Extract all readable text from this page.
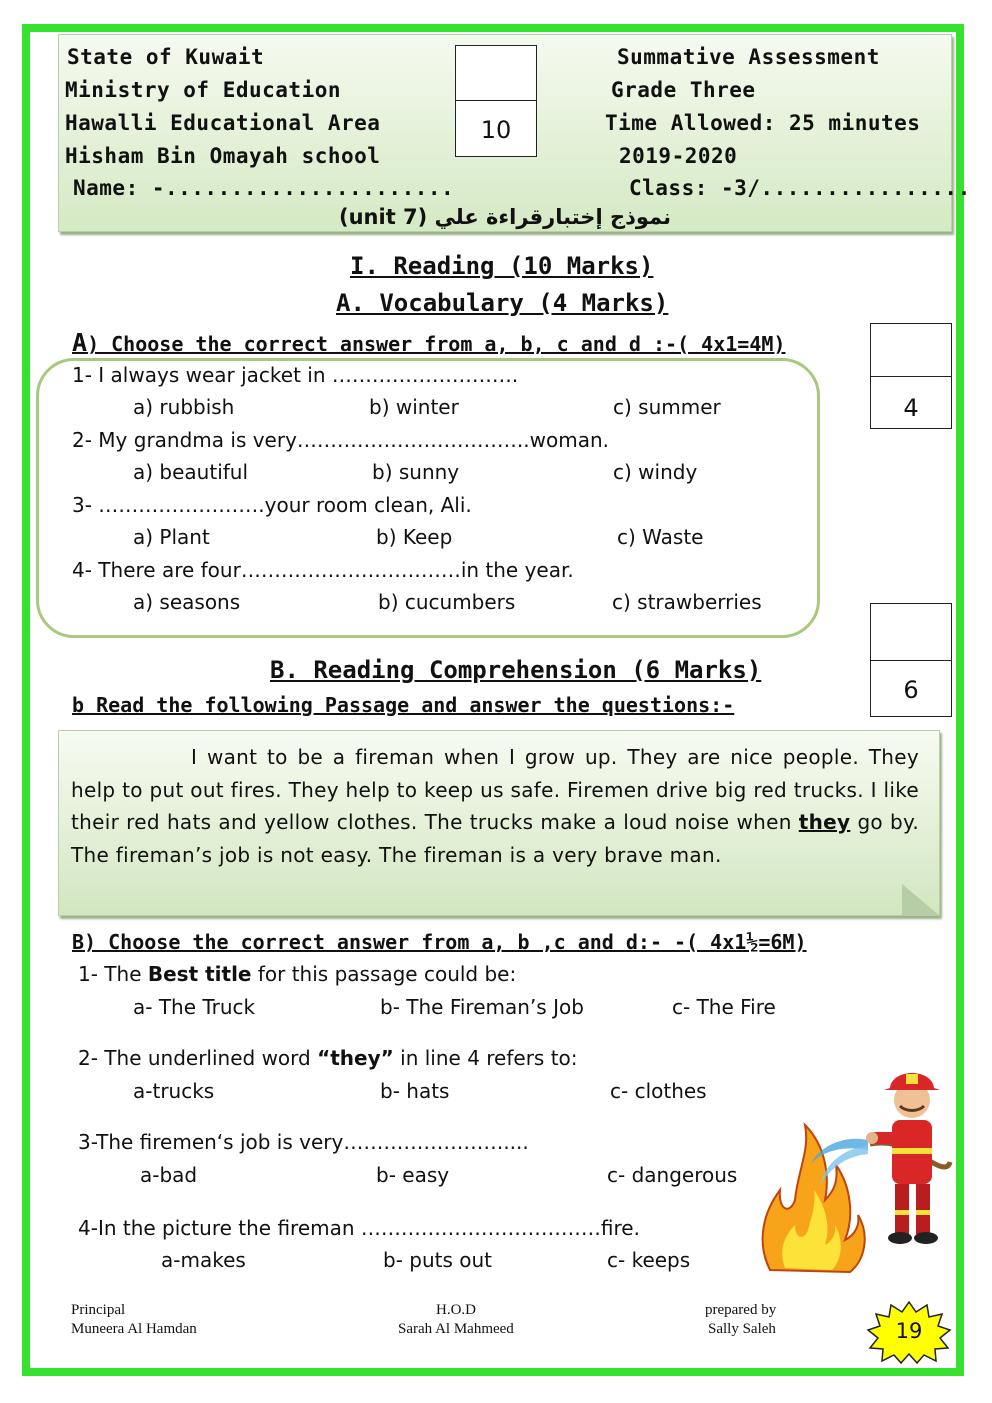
State of Kuwait
Ministry of Education
Hawalli Educational Area
Hisham Bin Omayah school
Summative Assessment
Grade Three
Time Allowed: 25 minutes
2019-2020
10
Name: -......................	Class: -3/................
نموذج إختبارقراءة علي (unit 7)
I. Reading (10 Marks)
A. Vocabulary (4 Marks)
A) Choose the correct answer from a, b, c and d :-( 4x1=4M)
4
1- I always wear jacket in ……………………….
a) rubbish	b) winter	c) summer
2- My grandma is very……………………………..woman.
a) beautiful	b) sunny	c) windy
3- …………………….your room clean, Ali.
a) Plant	b) Keep	c) Waste
4- There are four……………………………in the year.
a) seasons	b) cucumbers	c) strawberries
6
B. Reading Comprehension (6 Marks)
b Read the following Passage and answer the questions:-

I want to be a fireman when I grow up. They are nice people. They help to put out fires. They help to keep us safe. Firemen drive big red trucks. I like their red hats and yellow clothes. The trucks make a loud noise when they go by. The fireman’s job is not easy. The fireman is a very brave man.

B) Choose the correct answer from a, b ,c and d:- -( 4x1½=6M)
1- The Best title for this passage could be:
a- The Truck	b- The Fireman’s Job	c- The Fire
2- The underlined word “they” in line 4 refers to:
a-trucks	b- hats	c- clothes
3-The firemen‘s job is very……………………....
a-bad	b- easy	c- dangerous
4-In the picture the fireman ………………………………fire.
a-makes	b- puts out	c- keeps
Principal
Muneera Al Hamdan
H.O.D
Sarah Al Mahmeed
prepared by
Sally Saleh	19
